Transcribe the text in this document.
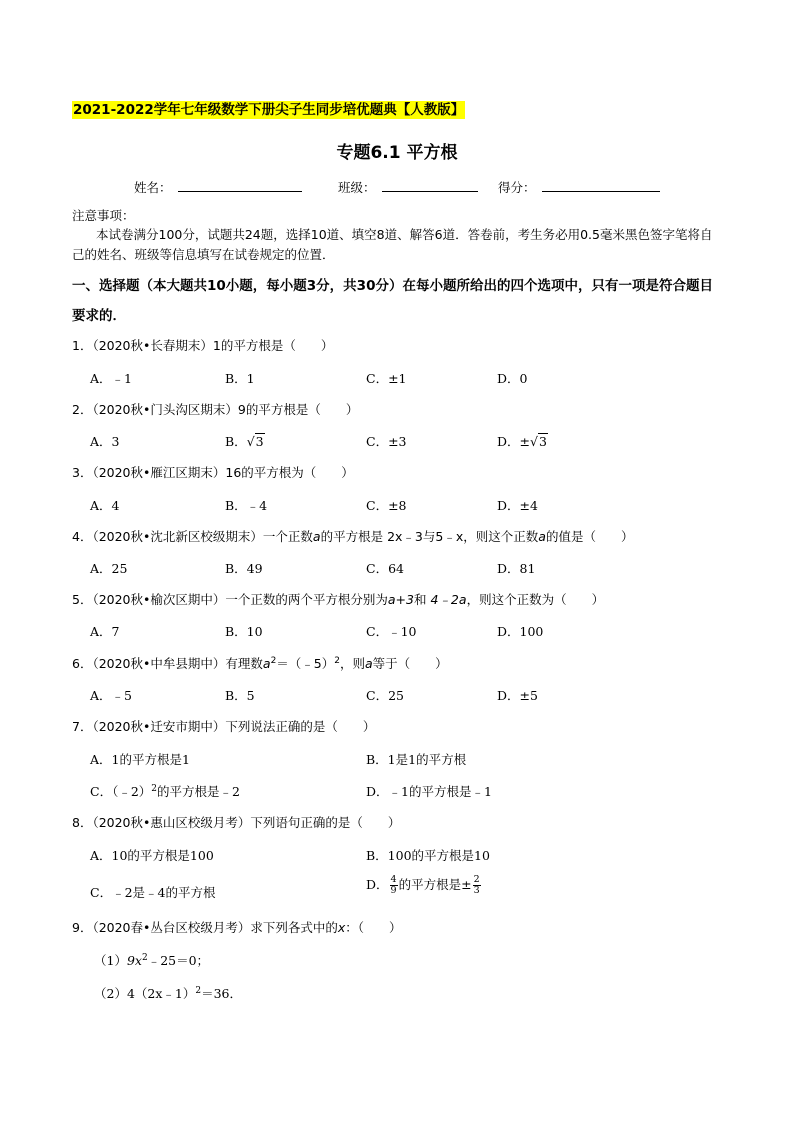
2021-2022学年七年级数学下册尖子生同步培优题典【人教版】
专题6.1 平方根
姓名：	班级：	得分：
注意事项：
本试卷满分100分，试题共24题，选择10道、填空8道、解答6道．答卷前，考生务必用0.5毫米黑色签字笔将自己的姓名、班级等信息填写在试卷规定的位置．
一、选择题（本大题共10小题，每小题3分，共30分）在每小题所给出的四个选项中，只有一项是符合题目要求的．
1．（2020秋•长春期末）1的平方根是（　　）
A．﹣1	B．1	C．±1	D．0
2．（2020秋•门头沟区期末）9的平方根是（　　）
A．3	B．√3	C．±3	D．±√3
3．（2020秋•雁江区期末）16的平方根为（　　）
A．4	B．﹣4	C．±8	D．±4
4．（2020秋•沈北新区校级期末）一个正数a的平方根是 2x﹣3与5﹣x，则这个正数a的值是（　　）
A．25	B．49	C．64	D．81
5．（2020秋•榆次区期中）一个正数的两个平方根分别为a+3和 4﹣2a，则这个正数为（　　）
A．7	B．10	C．﹣10	D．100
6．（2020秋•中牟县期中）有理数$a^2=(﹣5)^2$，则a等于（　　）
A．﹣5	B．5	C．25	D．±5
7．（2020秋•迁安市期中）下列说法正确的是（　　）
A．1的平方根是1	B．1是1的平方根
C．（﹣2）$^2$的平方根是﹣2	D．﹣1的平方根是﹣1
8．（2020秋•惠山区校级月考）下列语句正确的是（　　）
A．10的平方根是100	B．100的平方根是10
C．﹣2是﹣4的平方根
D． $\frac{4}{9}$ 的平方根是± $\frac{2}{3}$
9．（2020春•丛台区校级月考）求下列各式中的x：（　　）
$(1)9x^2﹣25=0$；
（2）4（2x﹣1）$^2$＝36．
